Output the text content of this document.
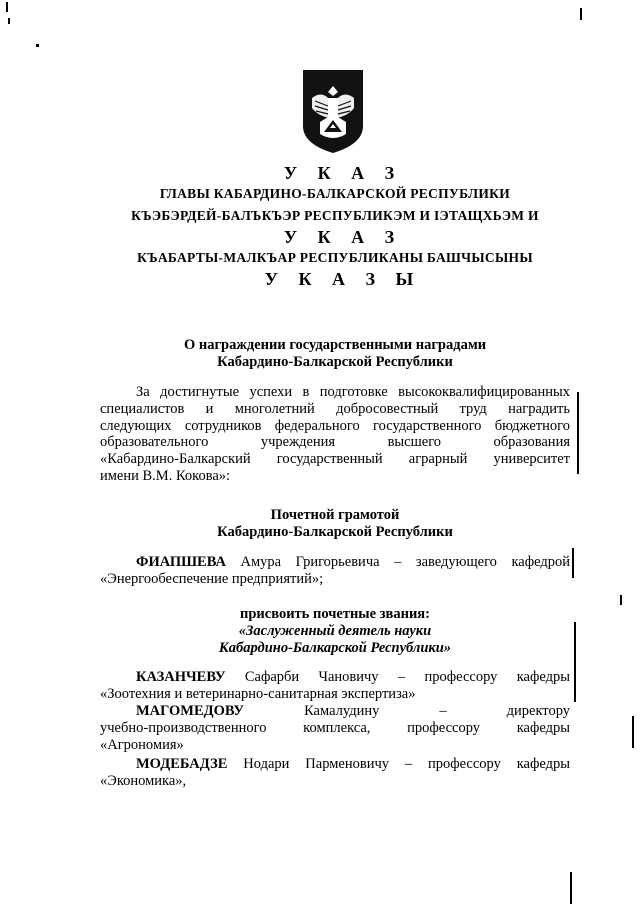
У К А З
ГЛАВЫ КАБАРДИНО-БАЛКАРСКОЙ РЕСПУБЛИКИ
КЪЭБЭРДЕЙ-БАЛЪКЪЭР РЕСПУБЛИКЭМ И ІЭТАЩХЬЭМ И
У К А З
КЪАБАРТЫ-МАЛКЪАР РЕСПУБЛИКАНЫ БАШЧЫСЫНЫ
У К А З Ы
О награждении государственными наградами
Кабардино-Балкарской Республики
За достигнутые успехи в подготовке высококвалифицированных
специалистов и многолетний добросовестный труд наградить
следующих сотрудников федерального государственного бюджетного
образовательного учреждения высшего образования
«Кабардино-Балкарский государственный аграрный университет
имени В.М. Кокова»:
Почетной грамотой
Кабардино-Балкарской Республики
ФИАПШЕВА Амура Григорьевича – заведующего кафедрой
«Энергообеспечение предприятий»;
присвоить почетные звания:
«Заслуженный деятель науки
Кабардино-Балкарской Республики»
КАЗАНЧЕВУ Сафарби Чановичу – профессору кафедры
«Зоотехния и ветеринарно-санитарная экспертиза»
МАГОМЕДОВУ	Камалудину – директору
учебно-производственного комплекса, профессору кафедры
«Агрономия»
МОДЕБАДЗЕ Нодари Парменовичу – профессору кафедры
«Экономика»,
